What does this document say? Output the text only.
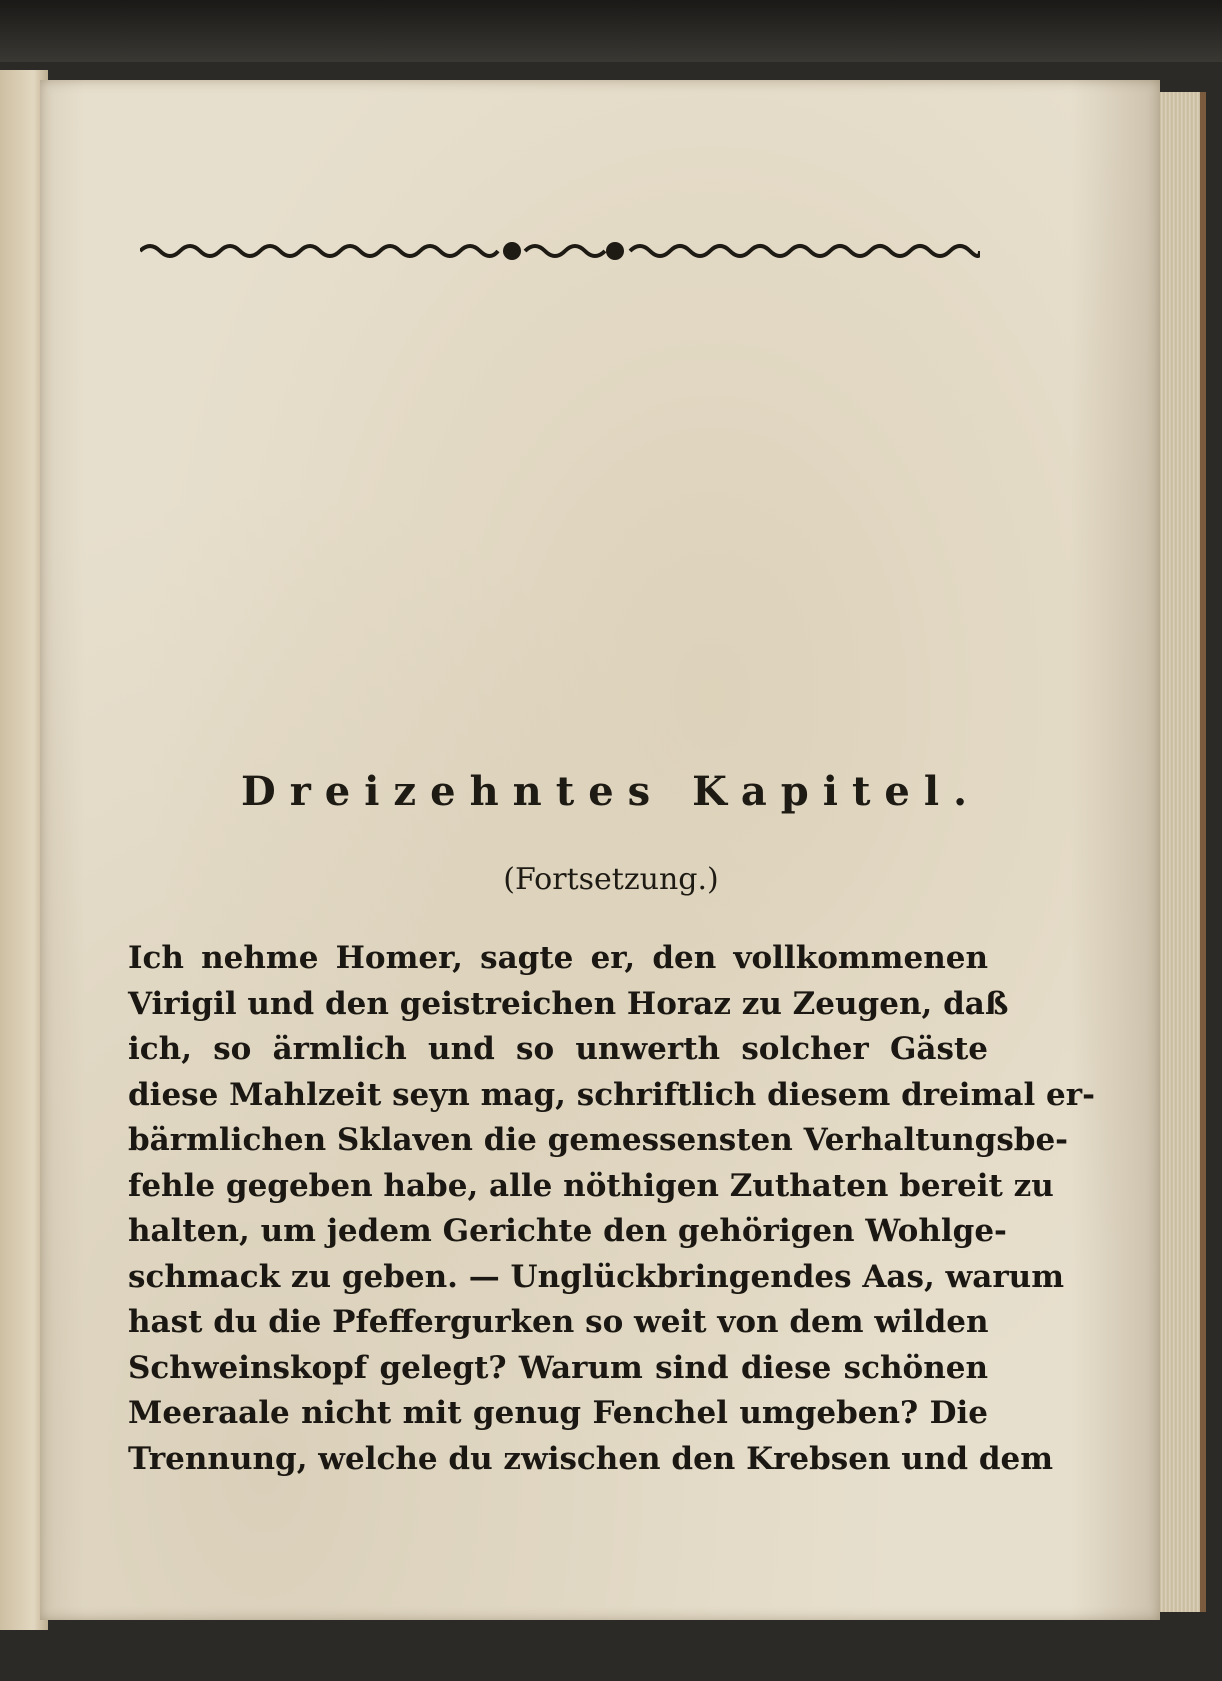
Dreizehntes Kapitel.
(Fortsetzung.)
Ich nehme Homer, sagte er, den vollkommenen
Virigil und den geistreichen Horaz zu Zeugen, daß
ich, so ärmlich und so unwerth solcher Gäste
diese Mahlzeit seyn mag, schriftlich diesem dreimal er-
bärmlichen Sklaven die gemessensten Verhaltungsbe-
fehle gegeben habe, alle nöthigen Zuthaten bereit zu
halten, um jedem Gerichte den gehörigen Wohlge-
schmack zu geben. — Unglückbringendes Aas, warum
hast du die Pfeffergurken so weit von dem wilden
Schweinskopf gelegt? Warum sind diese schönen
Meeraale nicht mit genug Fenchel umgeben? Die
Trennung, welche du zwischen den Krebsen und dem
